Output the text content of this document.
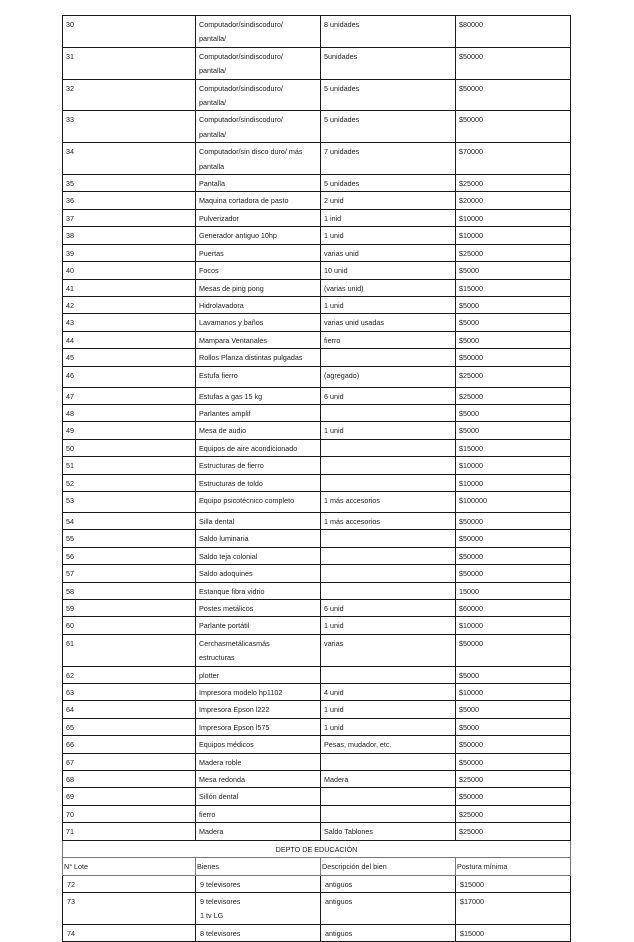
30	Computador/sindiscoduro/
pantalla/	8 unidades	$80000
31	Computador/sindiscoduro/
pantalla/	5unidades	$50000
32	Computador/sindiscoduro/
pantalla/	5 unidades	$50000
33	Computador/sindiscoduro/
pantalla/	5 unidades	$50000
34	Computador/sin disco duro/ más
pantalla	7 unidades	$70000
35	Pantalla	5 unidades	$25000
36	Maquina cortadora de pasto	2 unid	$20000
37	Pulverizador	1 inid	$10000
38	Generador antiguo 10hp	1 unid	$10000
39	Puertas	varias unid	$25000
40	Focos	10 unid	$5000
41	Mesas de ping pong	(varias unid)	$15000
42	Hidrolavadora	1 unid	$5000
43	Lavamanos y baños	varias unid usadas	$5000
44	Mampara Ventanales	fierro	$5000
45	Rollos Planza distintas pulgadas		$50000
46	Estufa fierro	(agregado)	$25000
47	Estufas a gas 15 kg	6 unid	$25000
48	Parlantes amplif		$5000
49	Mesa de audio	1 unid	$5000
50	Equipos de aire acondicionado		$15000
51	Estructuras de fierro		$10000
52	Estructuras de toldo		$10000
53	Equipo psicotécnico completo	1 más accesorios	$100000
54	Silla dental	1 más accesorios	$50000
55	Saldo luminaria		$50000
56	Saldo teja colonial		$50000
57	Saldo adoquines		$50000
58	Estanque fibra vidrio		15000
59	Postes metálicos	6 unid	$60000
60	Parlante portátil	1 unid	$10000
61	Cerchasmetálicasmás
estructuras	varias	$50000
62	plotter		$5000
63	Impresora modelo hp1102	4 unid	$10000
64	Impresora Epson l222	1 unid	$5000
65	Impresora Epson l575	1 unid	$5000
66	Equipos médicos	Pesas, mudador, etc.	$50000
67	Madera roble		$50000
68	Mesa redonda	Madera	$25000
69	Sillón dental		$50000
70	fierro		$25000
71	Madera	Saldo Tablones	$25000
DEPTO DE EDUCACIÓN			
N° Lote	Bienes	Descripción del bien	Postura mínima
72	9 televisores	antiguos	$15000
73	9 televisores
1 tv LG	antiguos	$17000
74	8 televisores	antiguos	$15000
